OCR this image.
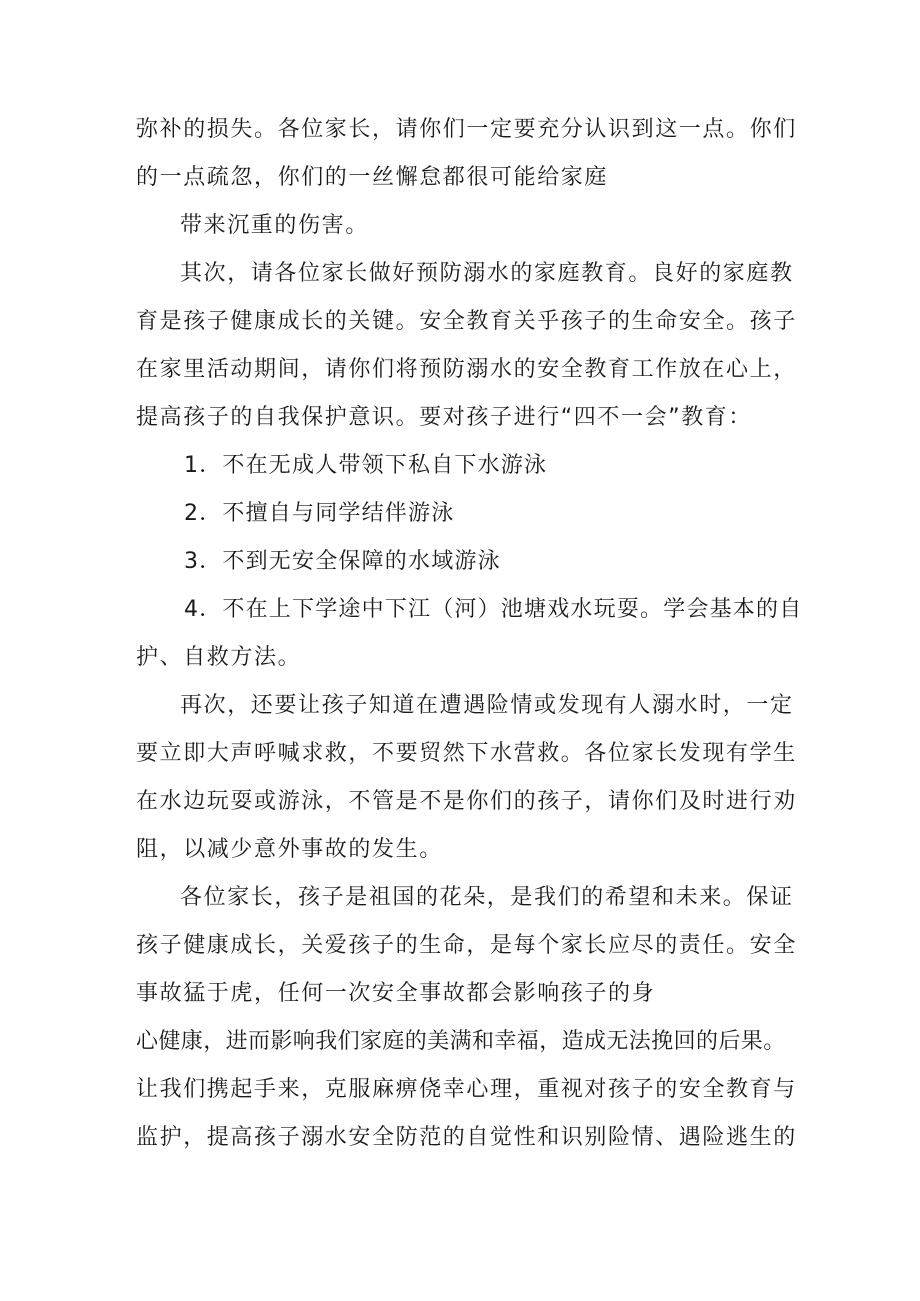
弥补的损失。各位家长，请你们一定要充分认识到这一点。你们
的一点疏忽，你们的一丝懈怠都很可能给家庭
带来沉重的伤害。
其次，请各位家长做好预防溺水的家庭教育。良好的家庭教
育是孩子健康成长的关键。安全教育关乎孩子的生命安全。孩子
在家里活动期间，请你们将预防溺水的安全教育工作放在心上，
提高孩子的自我保护意识。要对孩子进行“四不一会”教育：
1．不在无成人带领下私自下水游泳
2．不擅自与同学结伴游泳
3．不到无安全保障的水域游泳
4．不在上下学途中下江（河）池塘戏水玩耍。学会基本的自
护、自救方法。
再次，还要让孩子知道在遭遇险情或发现有人溺水时，一定
要立即大声呼喊求救，不要贸然下水营救。各位家长发现有学生
在水边玩耍或游泳，不管是不是你们的孩子，请你们及时进行劝
阻，以减少意外事故的发生。
各位家长，孩子是祖国的花朵，是我们的希望和未来。保证
孩子健康成长，关爱孩子的生命，是每个家长应尽的责任。安全
事故猛于虎，任何一次安全事故都会影响孩子的身
心健康，进而影响我们家庭的美满和幸福，造成无法挽回的后果。
让我们携起手来，克服麻痹侥幸心理，重视对孩子的安全教育与
监护，提高孩子溺水安全防范的自觉性和识别险情、遇险逃生的
